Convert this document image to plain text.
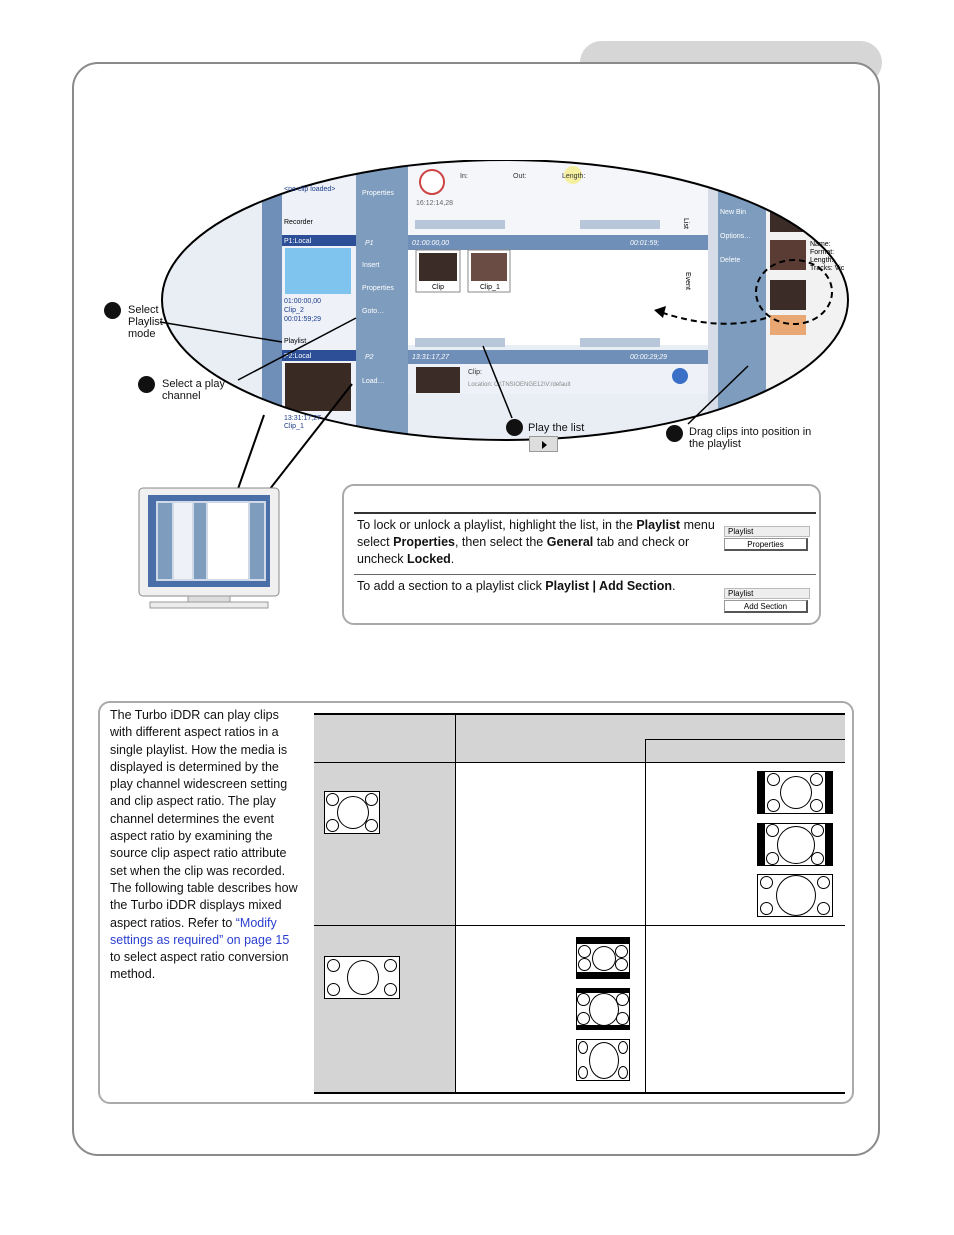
<no clip loaded>
Recorder
P1:Local
01:00:00,00
Clip_2
00:01:59;29
Playlist
P2:Local
13:31:17,27
Clip_1
Properties
Insert
Properties
Goto…
Load…
16:12:14,28
In:	Out:	Length:
P1	01:00:00,00	00:01:59;
Clip	Clip_1
P2	13:31:17,27	00:00:29;29
Clip:
Location: C:\TNSIOENGE12\V:/default
New Bin
Options…
Delete
Name:
Format:
Length:
Tracks: Vic
List
Event
Select Playlist mode
Select a play channel
Play the list	Drag clips into position in the playlist
To lock or unlock a playlist, highlight the list, in the Playlist menu select Properties, then select the General tab and check or uncheck Locked.
Playlist
Properties
To add a section to a playlist click Playlist | Add Section.
Playlist
Add Section
The Turbo iDDR can play clips with different aspect ratios in a single playlist. How the media is displayed is determined by the play channel widescreen setting and clip aspect ratio. The play channel determines the event aspect ratio by examining the source clip aspect ratio attribute set when the clip was recorded. The following table describes how the Turbo iDDR displays mixed aspect ratios. Refer to “Modify settings as required” on page 15 to select aspect ratio conversion method.
